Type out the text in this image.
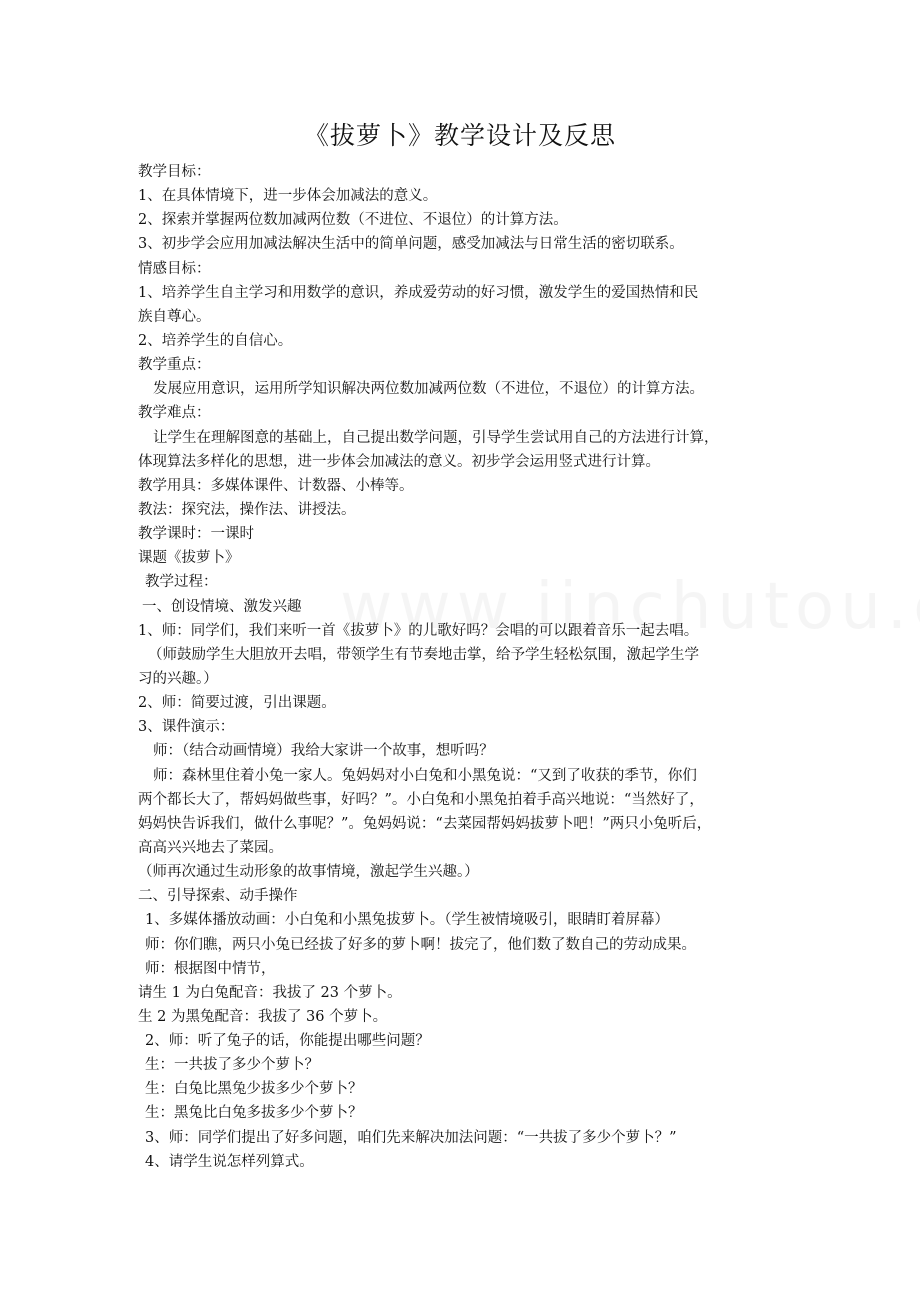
《拔萝卜》教学设计及反思

教学目标：

1、在具体情境下，进一步体会加减法的意义。

2、探索并掌握两位数加减两位数（不进位、不退位）的计算方法。

3、初步学会应用加减法解决生活中的简单问题，感受加减法与日常生活的密切联系。

情感目标：

1、培养学生自主学习和用数学的意识，养成爱劳动的好习惯，激发学生的爱国热情和民

族自尊心。

2、培养学生的自信心。

教学重点：

发展应用意识，运用所学知识解决两位数加减两位数（不进位，不退位）的计算方法。

教学难点：

让学生在理解图意的基础上，自己提出数学问题，引导学生尝试用自己的方法进行计算，

体现算法多样化的思想，进一步体会加减法的意义。初步学会运用竖式进行计算。

教学用具：多媒体课件、计数器、小棒等。

教法：探究法，操作法、讲授法。

教学课时：一课时

课题《拔萝卜》

教学过程：

一、创设情境、激发兴趣

1、师：同学们，我们来听一首《拔萝卜》的儿歌好吗？会唱的可以跟着音乐一起去唱。

（师鼓励学生大胆放开去唱，带领学生有节奏地击掌，给予学生轻松氛围，激起学生学

习的兴趣。）

2、师：简要过渡，引出课题。

3、课件演示：

师：（结合动画情境）我给大家讲一个故事，想听吗？

师：森林里住着小兔一家人。兔妈妈对小白兔和小黑兔说：“又到了收获的季节，你们

两个都长大了，帮妈妈做些事，好吗？”。小白兔和小黑兔拍着手高兴地说：“当然好了，

妈妈快告诉我们，做什么事呢？”。兔妈妈说：“去菜园帮妈妈拔萝卜吧！”两只小兔听后，

高高兴兴地去了菜园。

（师再次通过生动形象的故事情境，激起学生兴趣。）

二、引导探索、动手操作

1、多媒体播放动画：小白兔和小黑兔拔萝卜。（学生被情境吸引，眼睛盯着屏幕）

师：你们瞧，两只小兔已经拔了好多的萝卜啊！拔完了，他们数了数自己的劳动成果。

师：根据图中情节，

请生 1 为白兔配音：我拔了 23 个萝卜。

生 2 为黑兔配音：我拔了 36 个萝卜。

2、师：听了兔子的话，你能提出哪些问题？

生：一共拔了多少个萝卜？

生：白兔比黑兔少拔多少个萝卜？

生：黑兔比白兔多拔多少个萝卜？

3、师：同学们提出了好多问题，咱们先来解决加法问题：“一共拔了多少个萝卜？”

4、请学生说怎样列算式。
